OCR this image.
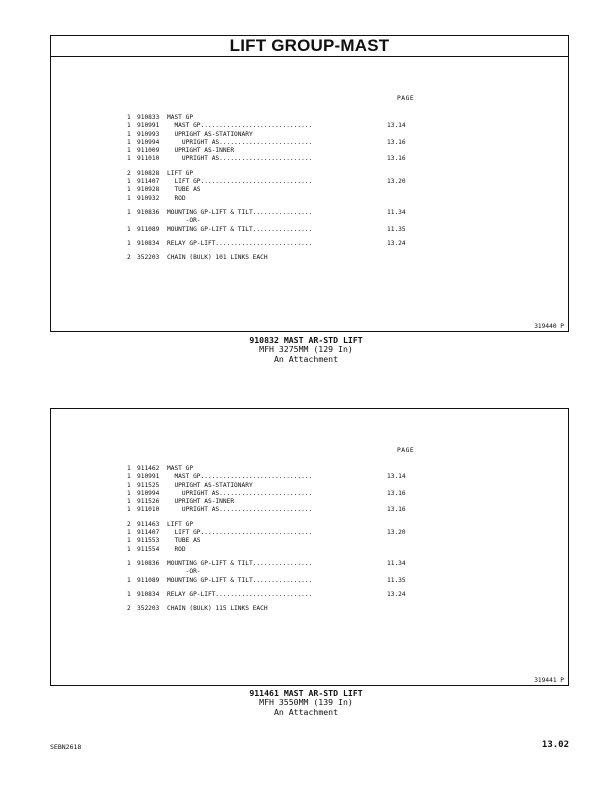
LIFT GROUP-MAST
PAGE
1	910833	MAST GP
1	910991	MAST GP..............................	13.14
1	910993	UPRIGHT AS-STATIONARY
1	910994	UPRIGHT AS.........................	13.16
1	911009	UPRIGHT AS-INNER
1	911010	UPRIGHT AS.........................	13.16
2	910828	LIFT GP
1	911407	LIFT GP..............................	13.20
1	910928	TUBE AS
1	910932	ROD
1	910836	MOUNTING GP-LIFT & TILT................	11.34
-OR-
1	911089	MOUNTING GP-LIFT & TILT................	11.35
1	910834	RELAY GP-LIFT..........................	13.24
2	352203	CHAIN (BULK) 101 LINKS EACH
319440 P
910832 MAST AR-STD LIFT
MFH 3275MM (129 In)
An Attachment
PAGE
1	911462	MAST GP
1	910991	MAST GP..............................	13.14
1	911525	UPRIGHT AS-STATIONARY
1	910994	UPRIGHT AS.........................	13.16
1	911526	UPRIGHT AS-INNER
1	911010	UPRIGHT AS.........................	13.16
2	911463	LIFT GP
1	911407	LIFT GP..............................	13.20
1	911553	TUBE AS
1	911554	ROD
1	910836	MOUNTING GP-LIFT & TILT................	11.34
-OR-
1	911089	MOUNTING GP-LIFT & TILT................	11.35
1	910834	RELAY GP-LIFT..........................	13.24
2	352203	CHAIN (BULK) 115 LINKS EACH
319441 P
911461 MAST AR-STD LIFT
MFH 3550MM (139 In)
An Attachment
SEBN2618	13.02
